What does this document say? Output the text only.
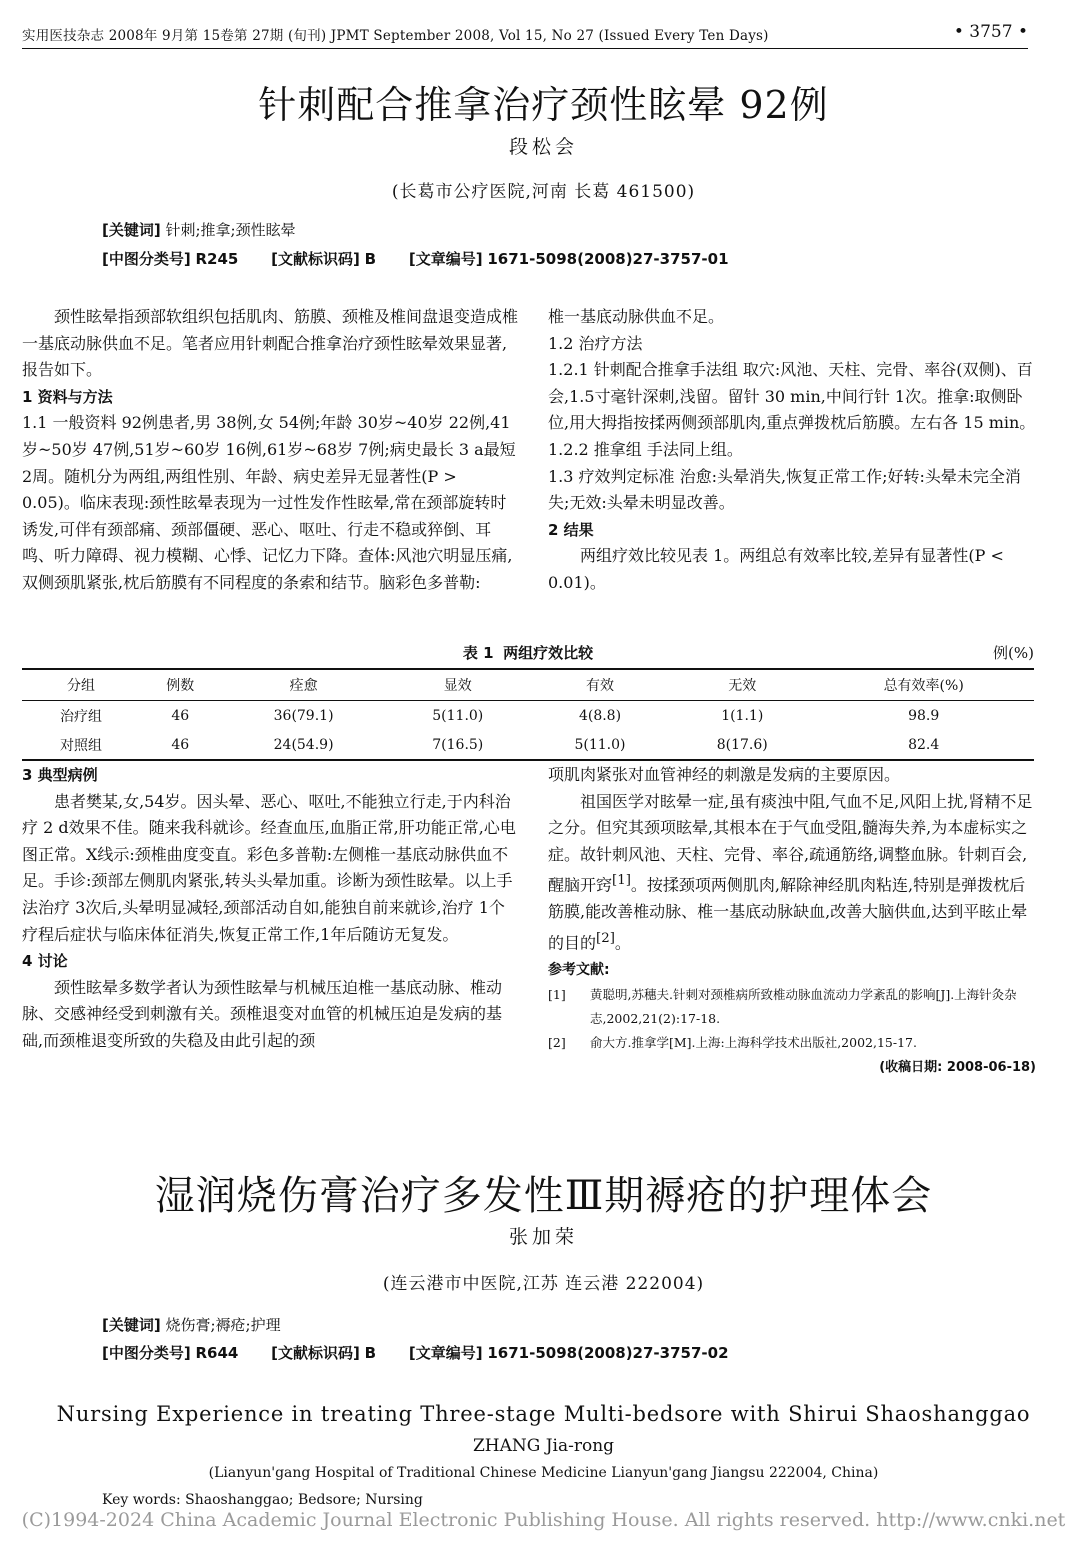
实用医技杂志 2008年 9月第 15卷第 27期 (旬刊) JPMT September 2008, Vol 15, No 27 (Issued Every Ten Days)	• 3757 •
针刺配合推拿治疗颈性眩晕 92例
段松会
(长葛市公疗医院,河南 长葛 461500)
[关键词] 针刺;推拿;颈性眩晕
[中图分类号] R245 [文献标识码] B [文章编号] 1671-5098(2008)27-3757-01

颈性眩晕指颈部软组织包括肌肉、筋膜、颈椎及椎间盘退变造成椎一基底动脉供血不足。笔者应用针刺配合推拿治疗颈性眩晕效果显著,报告如下。

1 资料与方法

1.1 一般资料 92例患者,男 38例,女 54例;年龄 30岁~40岁 22例,41岁~50岁 47例,51岁~60岁 16例,61岁~68岁 7例;病史最长 3 a最短 2周。随机分为两组,两组性别、年龄、病史差异无显著性(P > 0.05)。临床表现:颈性眩晕表现为一过性发作性眩晕,常在颈部旋转时诱发,可伴有颈部痛、颈部僵硬、恶心、呕吐、行走不稳或猝倒、耳鸣、听力障碍、视力模糊、心悸、记忆力下降。查体:风池穴明显压痛,双侧颈肌紧张,枕后筋膜有不同程度的条索和结节。脑彩色多普勒:

椎一基底动脉供血不足。

1.2 治疗方法

1.2.1 针刺配合推拿手法组 取穴:风池、天柱、完骨、率谷(双侧)、百会,1.5寸毫针深刺,浅留。留针 30 min,中间行针 1次。推拿:取侧卧位,用大拇指按揉两侧颈部肌肉,重点弹拨枕后筋膜。左右各 15 min。

1.2.2 推拿组 手法同上组。

1.3 疗效判定标准 治愈:头晕消失,恢复正常工作;好转:头晕未完全消失;无效:头晕未明显改善。

2 结果

两组疗效比较见表 1。两组总有效率比较,差异有显著性(P < 0.01)。

表 1 两组疗效比较	例(%)
分组	例数	痊愈	显效	有效	无效	总有效率(%)
治疗组	46	36(79.1)	5(11.0)	4(8.8)	1(1.1)	98.9
对照组	46	24(54.9)	7(16.5)	5(11.0)	8(17.6)	82.4

3 典型病例

患者樊某,女,54岁。因头晕、恶心、呕吐,不能独立行走,于内科治疗 2 d效果不佳。随来我科就诊。经查血压,血脂正常,肝功能正常,心电图正常。X线示:颈椎曲度变直。彩色多普勒:左侧椎一基底动脉供血不足。手诊:颈部左侧肌肉紧张,转头头晕加重。诊断为颈性眩晕。以上手法治疗 3次后,头晕明显减轻,颈部活动自如,能独自前来就诊,治疗 1个疗程后症状与临床体征消失,恢复正常工作,1年后随访无复发。

4 讨论

颈性眩晕多数学者认为颈性眩晕与机械压迫椎一基底动脉、椎动脉、交感神经受到刺激有关。颈椎退变对血管的机械压迫是发病的基础,而颈椎退变所致的失稳及由此引起的颈

项肌肉紧张对血管神经的刺激是发病的主要原因。

祖国医学对眩晕一症,虽有痰浊中阻,气血不足,风阳上扰,肾精不足之分。但究其颈项眩晕,其根本在于气血受阻,髓海失养,为本虚标实之症。故针刺风池、天柱、完骨、率谷,疏通筋络,调整血脉。针刺百会,醒脑开窍[1]。按揉颈项两侧肌肉,解除神经肌肉粘连,特别是弹拨枕后筋膜,能改善椎动脉、椎一基底动脉缺血,改善大脑供血,达到平眩止晕的目的[2]。

参考文献:

[1] 黄聪明,苏穗夫.针刺对颈椎病所致椎动脉血流动力学紊乱的影响[J].上海针灸杂志,2002,21(2):17-18.
[2] 俞大方.推拿学[M].上海:上海科学技术出版社,2002,15-17.

(收稿日期: 2008-06-18)

湿润烧伤膏治疗多发性Ⅲ期褥疮的护理体会
张加荣
(连云港市中医院,江苏 连云港 222004)
[关键词] 烧伤膏;褥疮;护理
[中图分类号] R644 [文献标识码] B [文章编号] 1671-5098(2008)27-3757-02
Nursing Experience in treating Three-stage Multi-bedsore with Shirui Shaoshanggao
ZHANG Jia-rong
(Lianyun'gang Hospital of Traditional Chinese Medicine Lianyun'gang Jiangsu 222004, China)
Key words: Shaoshanggao; Bedsore; Nursing
(C)1994-2024 China Academic Journal Electronic Publishing House. All rights reserved. http://www.cnki.net
